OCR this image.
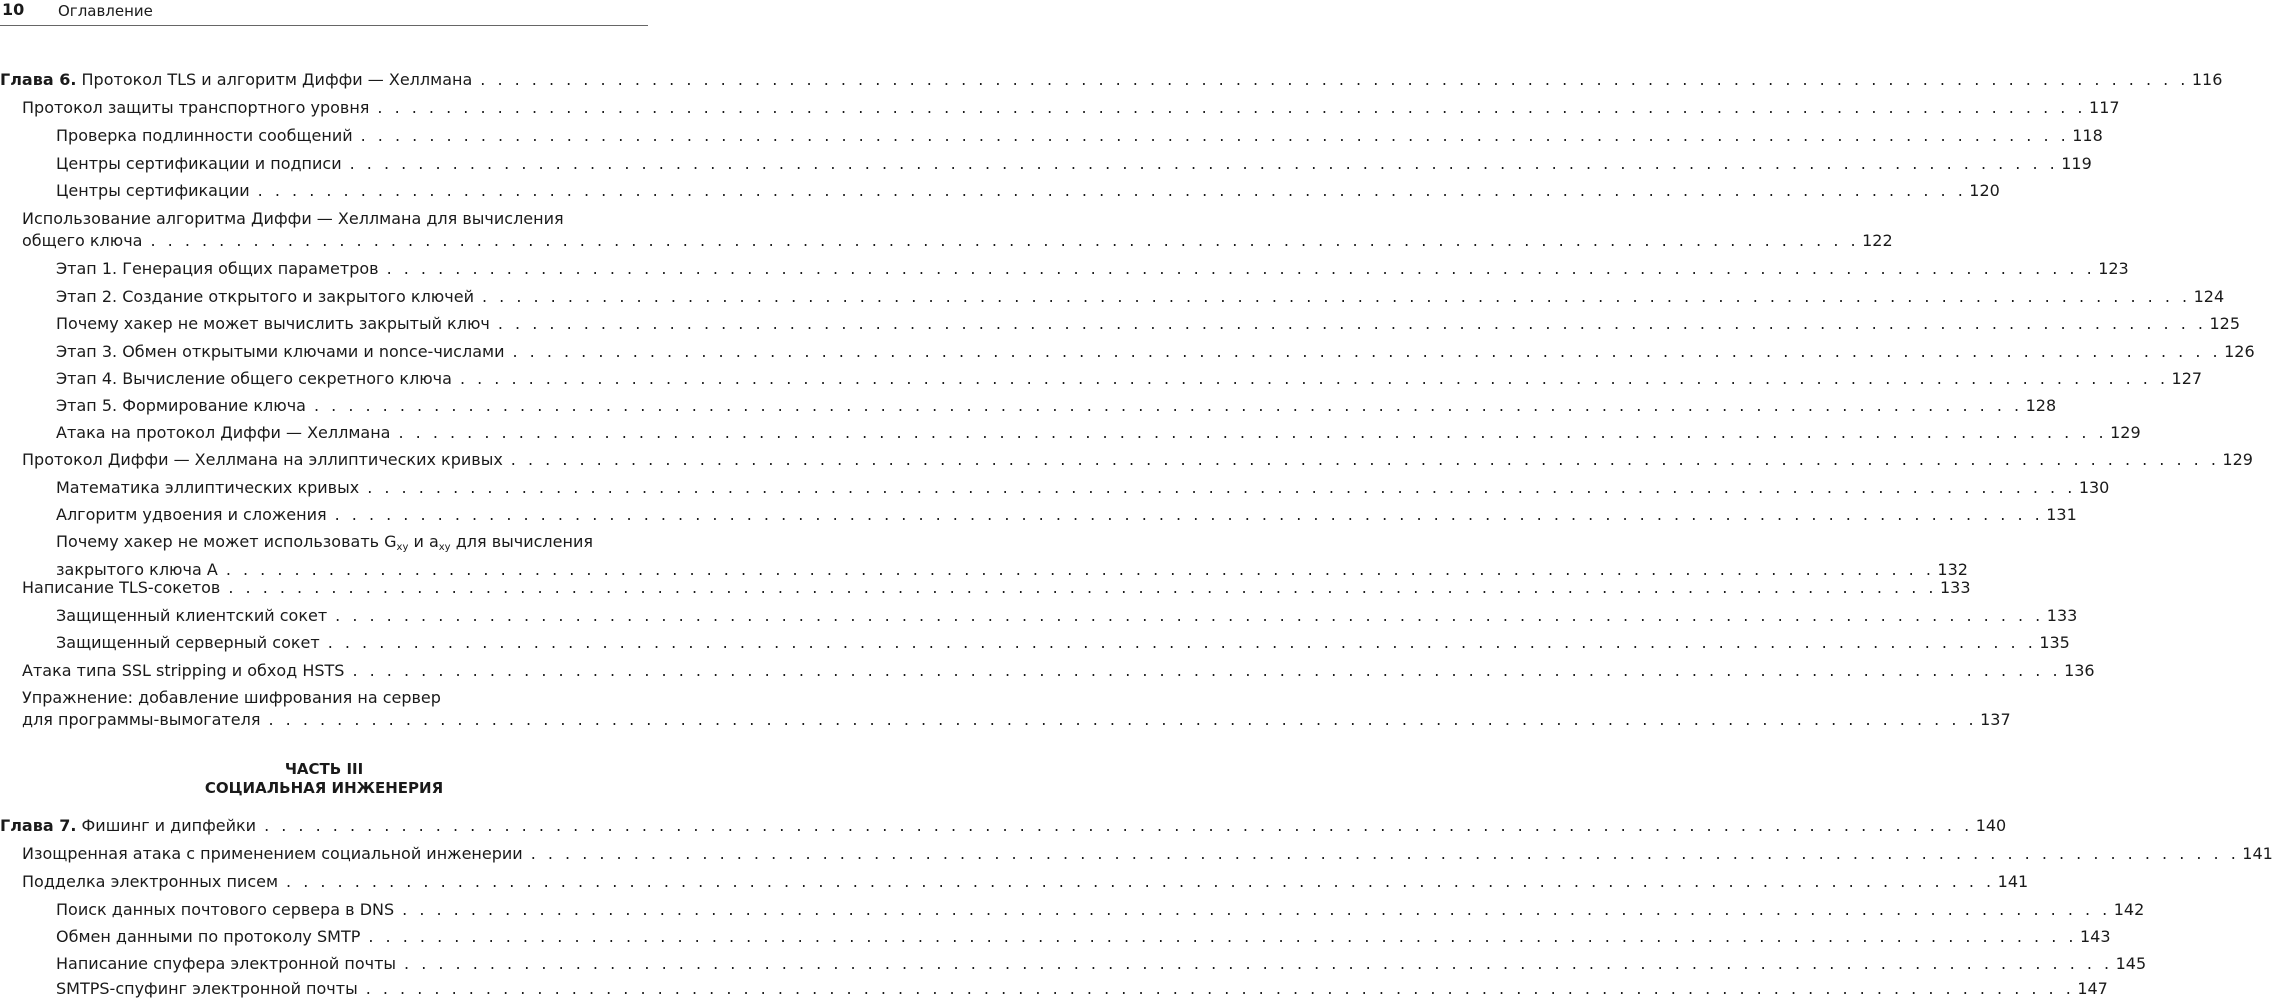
10 Оглавление
Глава 6. Протокол TLS и алгоритм Диффи — Хеллмана . . . . . . . . . . . . . . . . . . . . . . . . . . . . . . . . . . . . . . . . . . . . . . . . . . . . . . . . . . . . . . . . . . . . . . . . . . . . . . . . . . . . . . . . . . . . . . . . . . . . 116
Протокол защиты транспортного уровня . . . . . . . . . . . . . . . . . . . . . . . . . . . . . . . . . . . . . . . . . . . . . . . . . . . . . . . . . . . . . . . . . . . . . . . . . . . . . . . . . . . . . . . . . . . . . . . . . . . . 117
Проверка подлинности сообщений . . . . . . . . . . . . . . . . . . . . . . . . . . . . . . . . . . . . . . . . . . . . . . . . . . . . . . . . . . . . . . . . . . . . . . . . . . . . . . . . . . . . . . . . . . . . . . . . . . . . 118
Центры сертификации и подписи . . . . . . . . . . . . . . . . . . . . . . . . . . . . . . . . . . . . . . . . . . . . . . . . . . . . . . . . . . . . . . . . . . . . . . . . . . . . . . . . . . . . . . . . . . . . . . . . . . . . 119
Центры сертификации . . . . . . . . . . . . . . . . . . . . . . . . . . . . . . . . . . . . . . . . . . . . . . . . . . . . . . . . . . . . . . . . . . . . . . . . . . . . . . . . . . . . . . . . . . . . . . . . . . . . 120
Использование алгоритма Диффи — Хеллмана для вычисления
общего ключа . . . . . . . . . . . . . . . . . . . . . . . . . . . . . . . . . . . . . . . . . . . . . . . . . . . . . . . . . . . . . . . . . . . . . . . . . . . . . . . . . . . . . . . . . . . . . . . . . . . . 122
Этап 1. Генерация общих параметров . . . . . . . . . . . . . . . . . . . . . . . . . . . . . . . . . . . . . . . . . . . . . . . . . . . . . . . . . . . . . . . . . . . . . . . . . . . . . . . . . . . . . . . . . . . . . . . . . . . . 123
Этап 2. Создание открытого и закрытого ключей . . . . . . . . . . . . . . . . . . . . . . . . . . . . . . . . . . . . . . . . . . . . . . . . . . . . . . . . . . . . . . . . . . . . . . . . . . . . . . . . . . . . . . . . . . . . . . . . . . . . 124
Почему хакер не может вычислить закрытый ключ . . . . . . . . . . . . . . . . . . . . . . . . . . . . . . . . . . . . . . . . . . . . . . . . . . . . . . . . . . . . . . . . . . . . . . . . . . . . . . . . . . . . . . . . . . . . . . . . . . . . 125
Этап 3. Обмен открытыми ключами и nonce-числами . . . . . . . . . . . . . . . . . . . . . . . . . . . . . . . . . . . . . . . . . . . . . . . . . . . . . . . . . . . . . . . . . . . . . . . . . . . . . . . . . . . . . . . . . . . . . . . . . . . . 126
Этап 4. Вычисление общего секретного ключа . . . . . . . . . . . . . . . . . . . . . . . . . . . . . . . . . . . . . . . . . . . . . . . . . . . . . . . . . . . . . . . . . . . . . . . . . . . . . . . . . . . . . . . . . . . . . . . . . . . . 127
Этап 5. Формирование ключа . . . . . . . . . . . . . . . . . . . . . . . . . . . . . . . . . . . . . . . . . . . . . . . . . . . . . . . . . . . . . . . . . . . . . . . . . . . . . . . . . . . . . . . . . . . . . . . . . . . . 128
Атака на протокол Диффи — Хеллмана . . . . . . . . . . . . . . . . . . . . . . . . . . . . . . . . . . . . . . . . . . . . . . . . . . . . . . . . . . . . . . . . . . . . . . . . . . . . . . . . . . . . . . . . . . . . . . . . . . . . 129
Протокол Диффи — Хеллмана на эллиптических кривых . . . . . . . . . . . . . . . . . . . . . . . . . . . . . . . . . . . . . . . . . . . . . . . . . . . . . . . . . . . . . . . . . . . . . . . . . . . . . . . . . . . . . . . . . . . . . . . . . . . . 129
Математика эллиптических кривых . . . . . . . . . . . . . . . . . . . . . . . . . . . . . . . . . . . . . . . . . . . . . . . . . . . . . . . . . . . . . . . . . . . . . . . . . . . . . . . . . . . . . . . . . . . . . . . . . . . . 130
Алгоритм удвоения и сложения . . . . . . . . . . . . . . . . . . . . . . . . . . . . . . . . . . . . . . . . . . . . . . . . . . . . . . . . . . . . . . . . . . . . . . . . . . . . . . . . . . . . . . . . . . . . . . . . . . . . 131
Почему хакер не может использовать $G_{xy}$ и $a_{xy}$ для вычисления
закрытого ключа A . . . . . . . . . . . . . . . . . . . . . . . . . . . . . . . . . . . . . . . . . . . . . . . . . . . . . . . . . . . . . . . . . . . . . . . . . . . . . . . . . . . . . . . . . . . . . . . . . . . . 132
Написание TLS-сокетов . . . . . . . . . . . . . . . . . . . . . . . . . . . . . . . . . . . . . . . . . . . . . . . . . . . . . . . . . . . . . . . . . . . . . . . . . . . . . . . . . . . . . . . . . . . . . . . . . . . . 133
Защищенный клиентский сокет . . . . . . . . . . . . . . . . . . . . . . . . . . . . . . . . . . . . . . . . . . . . . . . . . . . . . . . . . . . . . . . . . . . . . . . . . . . . . . . . . . . . . . . . . . . . . . . . . . . . 133
Защищенный серверный сокет . . . . . . . . . . . . . . . . . . . . . . . . . . . . . . . . . . . . . . . . . . . . . . . . . . . . . . . . . . . . . . . . . . . . . . . . . . . . . . . . . . . . . . . . . . . . . . . . . . . . 135
Атака типа SSL stripping и обход HSTS . . . . . . . . . . . . . . . . . . . . . . . . . . . . . . . . . . . . . . . . . . . . . . . . . . . . . . . . . . . . . . . . . . . . . . . . . . . . . . . . . . . . . . . . . . . . . . . . . . . . 136
Упражнение: добавление шифрования на сервер
для программы-вымогателя . . . . . . . . . . . . . . . . . . . . . . . . . . . . . . . . . . . . . . . . . . . . . . . . . . . . . . . . . . . . . . . . . . . . . . . . . . . . . . . . . . . . . . . . . . . . . . . . . . . . 137
ЧАСТЬ III
СОЦИАЛЬНАЯ ИНЖЕНЕРИЯ
Глава 7. Фишинг и дипфейки . . . . . . . . . . . . . . . . . . . . . . . . . . . . . . . . . . . . . . . . . . . . . . . . . . . . . . . . . . . . . . . . . . . . . . . . . . . . . . . . . . . . . . . . . . . . . . . . . . . . 140
Изощренная атака с применением социальной инженерии . . . . . . . . . . . . . . . . . . . . . . . . . . . . . . . . . . . . . . . . . . . . . . . . . . . . . . . . . . . . . . . . . . . . . . . . . . . . . . . . . . . . . . . . . . . . . . . . . . . . 141
Подделка электронных писем . . . . . . . . . . . . . . . . . . . . . . . . . . . . . . . . . . . . . . . . . . . . . . . . . . . . . . . . . . . . . . . . . . . . . . . . . . . . . . . . . . . . . . . . . . . . . . . . . . . . 141
Поиск данных почтового сервера в DNS . . . . . . . . . . . . . . . . . . . . . . . . . . . . . . . . . . . . . . . . . . . . . . . . . . . . . . . . . . . . . . . . . . . . . . . . . . . . . . . . . . . . . . . . . . . . . . . . . . . . 142
Обмен данными по протоколу SMTP . . . . . . . . . . . . . . . . . . . . . . . . . . . . . . . . . . . . . . . . . . . . . . . . . . . . . . . . . . . . . . . . . . . . . . . . . . . . . . . . . . . . . . . . . . . . . . . . . . . . 143
Написание спуфера электронной почты . . . . . . . . . . . . . . . . . . . . . . . . . . . . . . . . . . . . . . . . . . . . . . . . . . . . . . . . . . . . . . . . . . . . . . . . . . . . . . . . . . . . . . . . . . . . . . . . . . . . 145
SMTPS-спуфинг электронной почты . . . . . . . . . . . . . . . . . . . . . . . . . . . . . . . . . . . . . . . . . . . . . . . . . . . . . . . . . . . . . . . . . . . . . . . . . . . . . . . . . . . . . . . . . . . . . . . . . . . . 147
